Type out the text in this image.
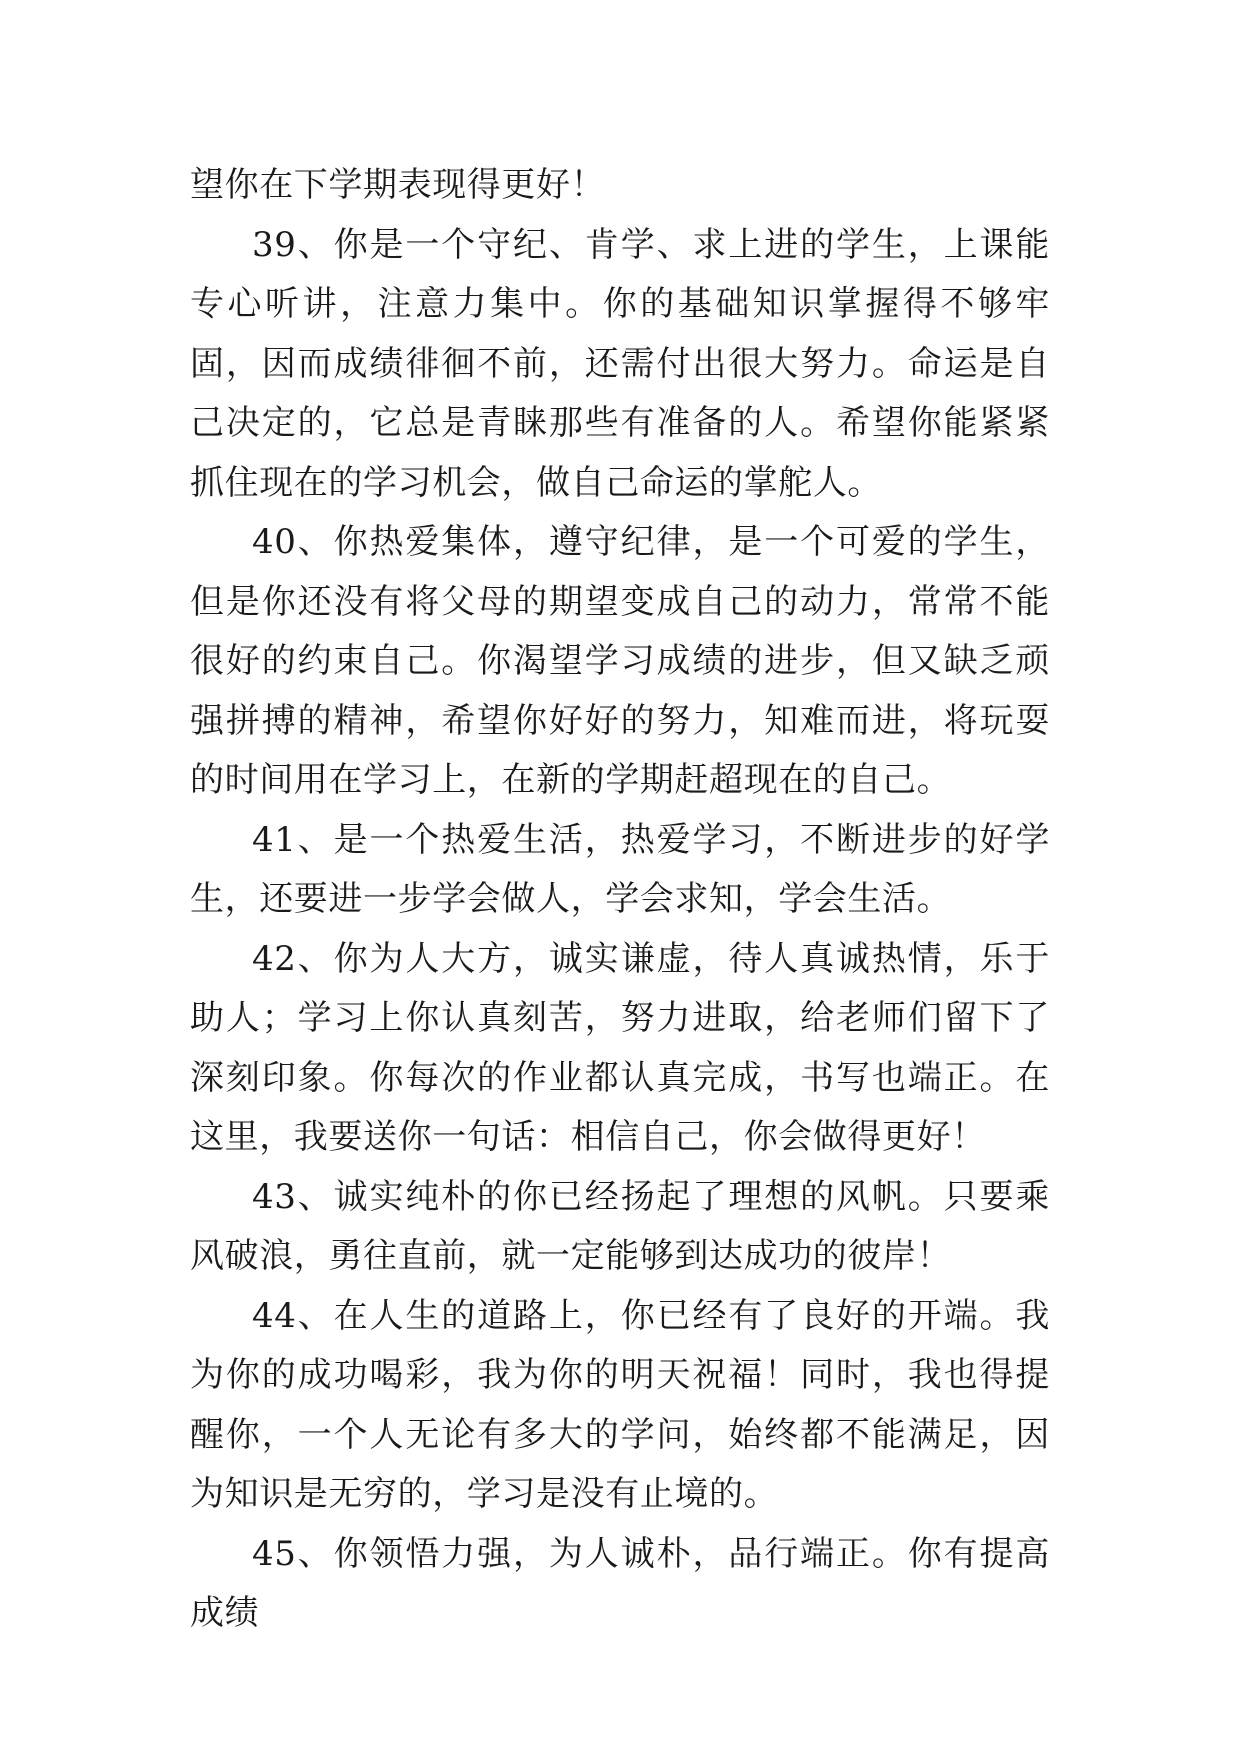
望你在下学期表现得更好！

39、你是一个守纪、肯学、求上进的学生，上课能专心听讲，注意力集中。你的基础知识掌握得不够牢固，因而成绩徘徊不前，还需付出很大努力。命运是自己决定的，它总是青睐那些有准备的人。希望你能紧紧抓住现在的学习机会，做自己命运的掌舵人。

40、你热爱集体，遵守纪律，是一个可爱的学生，但是你还没有将父母的期望变成自己的动力，常常不能很好的约束自己。你渴望学习成绩的进步，但又缺乏顽强拼搏的精神，希望你好好的努力，知难而进，将玩耍的时间用在学习上，在新的学期赶超现在的自己。

41、是一个热爱生活，热爱学习，不断进步的好学生，还要进一步学会做人，学会求知，学会生活。

42、你为人大方，诚实谦虚，待人真诚热情，乐于助人；学习上你认真刻苦，努力进取，给老师们留下了深刻印象。你每次的作业都认真完成，书写也端正。在这里，我要送你一句话：相信自己，你会做得更好！

43、诚实纯朴的你已经扬起了理想的风帆。只要乘风破浪，勇往直前，就一定能够到达成功的彼岸！

44、在人生的道路上，你已经有了良好的开端。我为你的成功喝彩，我为你的明天祝福！同时，我也得提醒你，一个人无论有多大的学问，始终都不能满足，因为知识是无穷的，学习是没有止境的。

45、你领悟力强，为人诚朴，品行端正。你有提高成绩
